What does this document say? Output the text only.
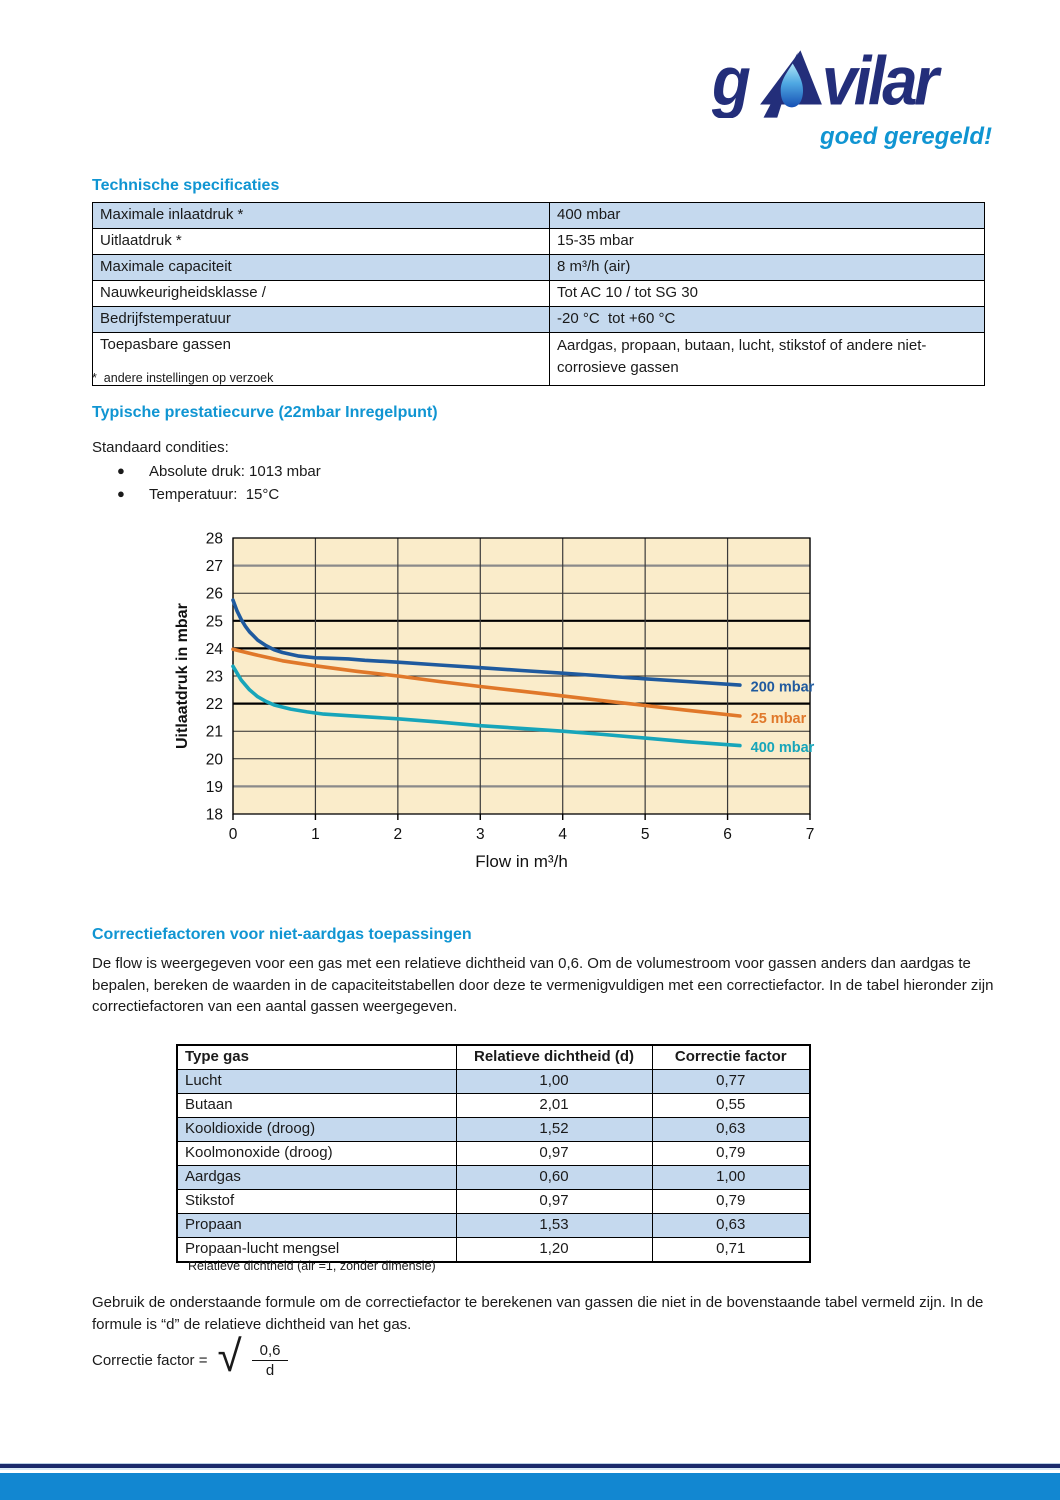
g vilar
goed geregeld!
Technische specificaties
Maximale inlaatdruk *	400 mbar
Uitlaatdruk *	15-35 mbar
Maximale capaciteit	8 m³/h (air)
Nauwkeurigheidsklasse /	Tot AC 10 / tot SG 30
Bedrijfstemperatuur	-20 °C  tot +60 °C
Toepasbare gassen	Aardgas, propaan, butaan, lucht, stikstof of andere niet-corrosieve gassen
*  andere instellingen op verzoek
Typische prestatiecurve (22mbar Inregelpunt)
Standaard condities:
● Absolute druk: 1013 mbar
● Temperatuur:  15°C
18
19
20
21
22
23
24
25
26
27
28
0	1	2	3	4	5	6	7
200 mbar
25 mbar
400 mbar
Uitlaatdruk in mbar
Flow in m³/h
Correctiefactoren voor niet-aardgas toepassingen
De flow is weergegeven voor een gas met een relatieve dichtheid van 0,6. Om de volumestroom voor gassen anders dan aardgas te bepalen, bereken de waarden in de capaciteitstabellen door deze te vermenigvuldigen met een correctiefactor. In de tabel hieronder zijn correctiefactoren van een aantal gassen weergegeven.
Type gas	Relatieve dichtheid (d)	Correctie factor
Lucht	1,00	0,77
Butaan	2,01	0,55
Kooldioxide (droog)	1,52	0,63
Koolmonoxide (droog)	0,97	0,79
Aardgas	0,60	1,00
Stikstof	0,97	0,79
Propaan	1,53	0,63
Propaan-lucht mengsel	1,20	0,71
Relatieve dichtheid (air =1, zonder dimensie)
Gebruik de onderstaande formule om de correctiefactor te berekenen van gassen die niet in de bovenstaande tabel vermeld zijn. In de formule is “d” de relatieve dichtheid van het gas.
Correctie factor = √ $\frac{0,6}{d}$
